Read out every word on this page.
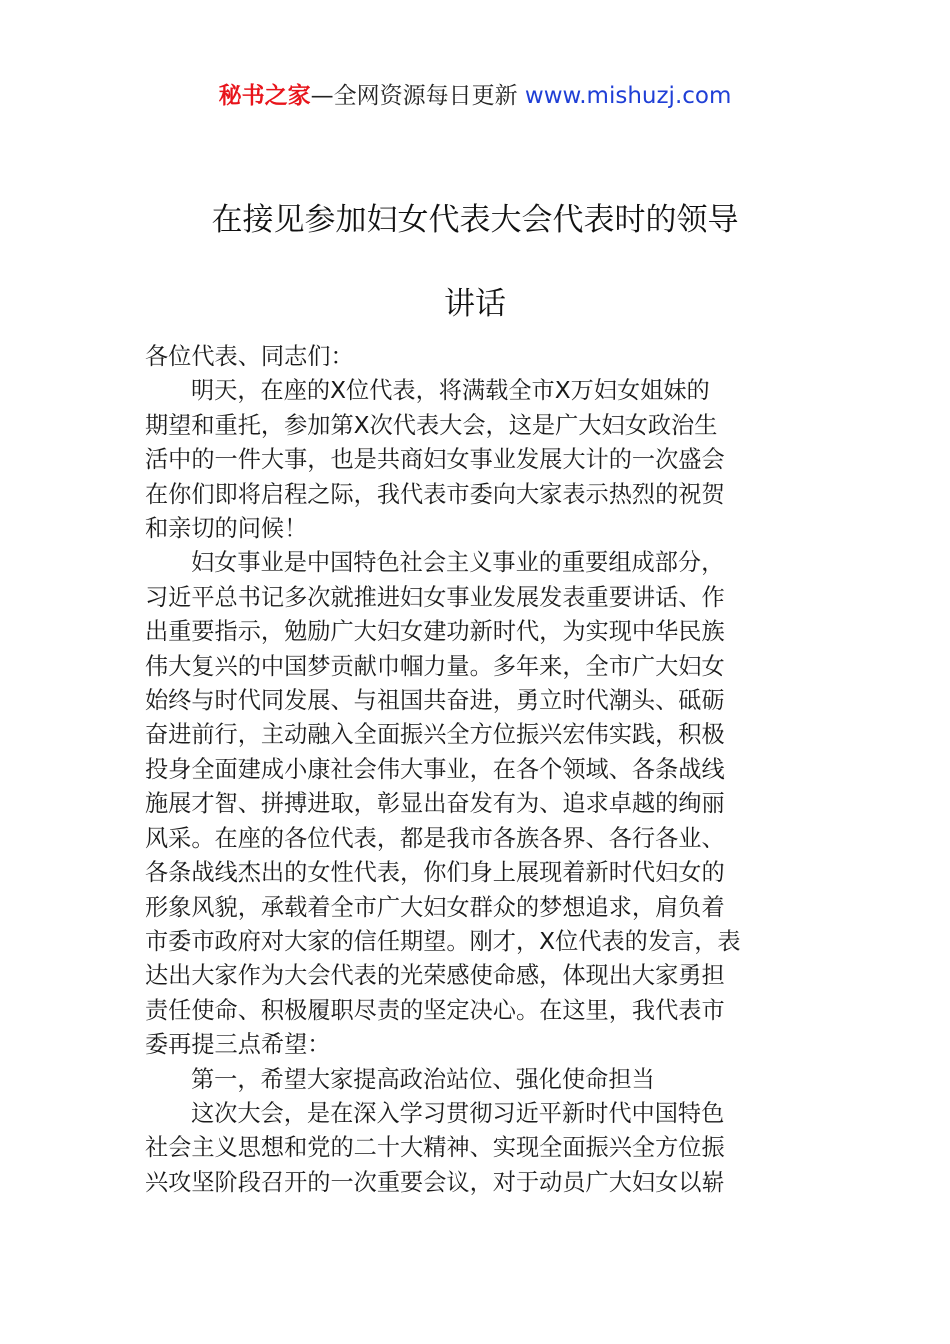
秘书之家—全网资源每日更新 www.mishuzj.com
在接见参加妇女代表大会代表时的领导
讲话
各位代表、同志们：
明天，在座的X位代表，将满载全市X万妇女姐妹的
期望和重托，参加第X次代表大会，这是广大妇女政治生
活中的一件大事，也是共商妇女事业发展大计的一次盛会
在你们即将启程之际，我代表市委向大家表示热烈的祝贺
和亲切的问候！
妇女事业是中国特色社会主义事业的重要组成部分，
习近平总书记多次就推进妇女事业发展发表重要讲话、作
出重要指示，勉励广大妇女建功新时代，为实现中华民族
伟大复兴的中国梦贡献巾帼力量。多年来，全市广大妇女
始终与时代同发展、与祖国共奋进，勇立时代潮头、砥砺
奋进前行，主动融入全面振兴全方位振兴宏伟实践，积极
投身全面建成小康社会伟大事业，在各个领域、各条战线
施展才智、拼搏进取，彰显出奋发有为、追求卓越的绚丽
风采。在座的各位代表，都是我市各族各界、各行各业、
各条战线杰出的女性代表，你们身上展现着新时代妇女的
形象风貌，承载着全市广大妇女群众的梦想追求，肩负着
市委市政府对大家的信任期望。刚才，X位代表的发言，表
达出大家作为大会代表的光荣感使命感，体现出大家勇担
责任使命、积极履职尽责的坚定决心。在这里，我代表市
委再提三点希望：
第一，希望大家提高政治站位、强化使命担当
这次大会，是在深入学习贯彻习近平新时代中国特色
社会主义思想和党的二十大精神、实现全面振兴全方位振
兴攻坚阶段召开的一次重要会议，对于动员广大妇女以崭
